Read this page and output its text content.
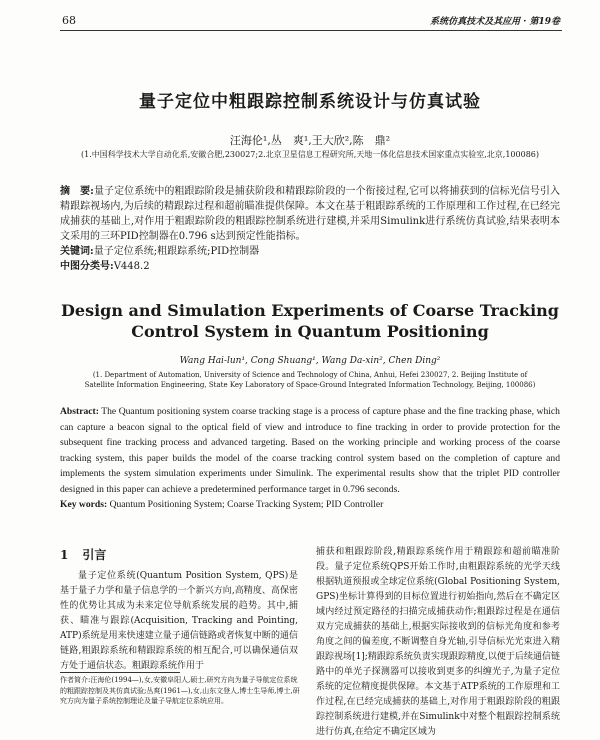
68	系统仿真技术及其应用 · 第19卷
量子定位中粗跟踪控制系统设计与仿真试验
汪海伦¹,丛　爽¹,王大欣²,陈　鼎²
(1.中国科学技术大学自动化系,安徽合肥,230027;2.北京卫星信息工程研究所,天地一体化信息技术国家重点实验室,北京,100086)

摘　要:量子定位系统中的粗跟踪阶段是捕获阶段和精跟踪阶段的一个衔接过程,它可以将捕获到的信标光信号引入精跟踪视场内,为后续的精跟踪过程和超前瞄准提供保障。本文在基于粗跟踪系统的工作原理和工作过程,在已经完成捕获的基础上,对作用于粗跟踪阶段的粗跟踪控制系统进行建模,并采用Simulink进行系统仿真试验,结果表明本文采用的三环PID控制器在0.796 s达到预定性能指标。

关键词:量子定位系统;粗跟踪系统;PID控制器

中图分类号:V448.2

Design and Simulation Experiments of Coarse Tracking
Control System in Quantum Positioning
Wang Hai-lun¹, Cong Shuang¹, Wang Da-xin², Chen Ding²
(1. Department of Automation, University of Science and Technology of China, Anhui, Hefei 230027, 2. Beijing Institute of
Satellite Information Engineering, State Key Laboratory of Space-Ground Integrated Information Technology, Beijing, 100086)

Abstract: The Quantum positioning system coarse tracking stage is a process of capture phase and the fine tracking phase, which can capture a beacon signal to the optical field of view and introduce to fine tracking in order to provide protection for the subsequent fine tracking process and advanced targeting. Based on the working principle and working process of the coarse tracking system, this paper builds the model of the coarse tracking control system based on the completion of capture and implements the system simulation experiments under Simulink. The experimental results show that the triplet PID controller designed in this paper can achieve a predetermined performance target in 0.796 seconds.

Key words: Quantum Positioning System; Coarse Tracking System; PID Controller

1 引言

量子定位系统(Quantum Position System, QPS)是基于量子力学和量子信息学的一个新兴方向,高精度、高保密性的优势让其成为未来定位导航系统发展的趋势。其中,捕获、瞄准与跟踪(Acquisition, Tracking and Pointing, ATP)系统是用来快速建立量子通信链路或者恢复中断的通信链路,粗跟踪系统和精跟踪系统的相互配合,可以确保通信双方处于通信状态。粗跟踪系统作用于

捕获和粗跟踪阶段,精跟踪系统作用于精跟踪和超前瞄准阶段。量子定位系统QPS开始工作时,由粗跟踪系统的光学天线根据轨道预报或全球定位系统(Global Positioning System, GPS)坐标计算得到的目标位置进行初始指向,然后在不确定区域内经过预定路径的扫描完成捕获动作;粗跟踪过程是在通信双方完成捕获的基础上,根据实际接收到的信标光角度和参考角度之间的偏差度,不断调整自身光轴,引导信标光光束进入精跟踪视场[1];精跟踪系统负责实现跟踪精度,以便于后续通信链路中的单光子探测器可以接收到更多的纠缠光子,为量子定位系统的定位精度提供保障。本文基于ATP系统的工作原理和工作过程,在已经完成捕获的基础上,对作用于粗跟踪阶段的粗跟踪控制系统进行建模,并在Simulink中对整个粗跟踪控制系统进行仿真,在给定不确定区域为

作者简介:汪海伦(1994—),女,安徽阜阳人,硕士,研究方向为量子导航定位系统的粗跟踪控制及其仿真试验;丛爽(1961—),女,山东文登人,博士生导师,博士,研究方向为量子系统控制理论及量子导航定位系统应用。
